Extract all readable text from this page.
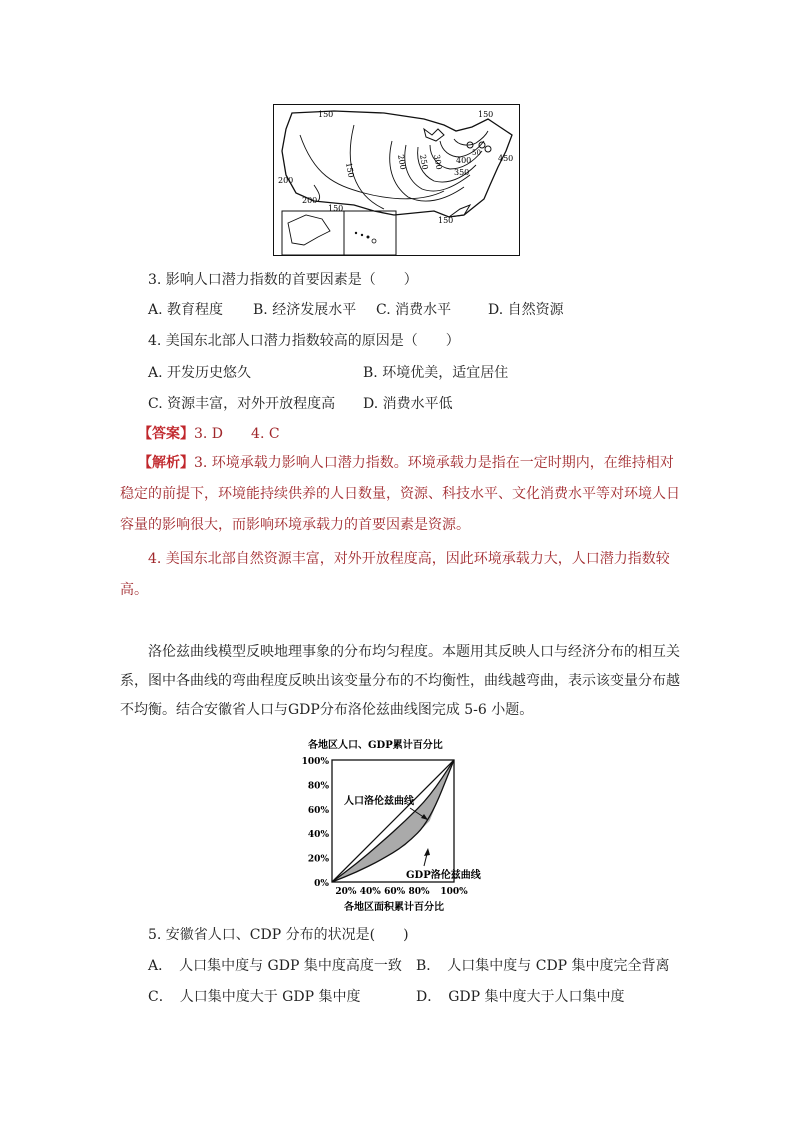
150	150
200
200
150
150
300
250
200
150
400
350
450
50
3. 影响人口潜力指数的首要因素是（　　）
A. 教育程度 B. 经济发展水平 C. 消费水平	D. 自然资源
4. 美国东北部人口潜力指数较高的原因是（　　）
A. 开发历史悠久	B. 环境优美，适宜居住
C. 资源丰富，对外开放程度高 D. 消费水平低
【答案】3. D　　4. C
【解析】3. 环境承载力影响人口潜力指数。环境承载力是指在一定时期内，在维持相对稳定的前提下，环境能持续供养的人日数量，资源、科技水平、文化消费水平等对环境人日容量的影响很大，而影响环境承载力的首要因素是资源。
4. 美国东北部自然资源丰富，对外开放程度高，因此环境承载力大，人口潜力指数较高。
洛伦兹曲线模型反映地理事象的分布均匀程度。本题用其反映人口与经济分布的相互关系，图中各曲线的弯曲程度反映出该变量分布的不均衡性，曲线越弯曲，表示该变量分布越不均衡。结合安徽省人口与GDP分布洛伦兹曲线图完成 5-6 小题。
各地区人口、GDP累计百分比
0%
20%
40%
60%
80%
100%
20% 40% 60% 80% 100%
人口洛伦兹曲线
GDP洛伦兹曲线
各地区面积累计百分比
5. 安徽省人口、CDP 分布的状况是(　　)
A．　人口集中度与 GDP 集中度高度一致 B．　人口集中度与 CDP 集中度完全背离
C．　人口集中度大于 GDP 集中度	D．　GDP 集中度大于人口集中度
